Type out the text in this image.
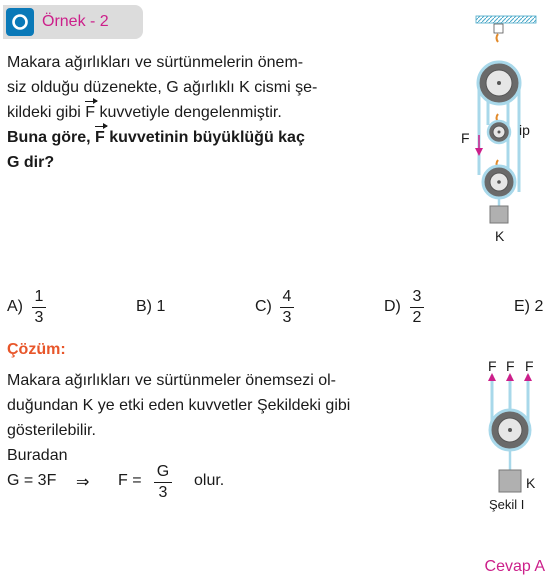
Örnek - 2
Makara ağırlıkları ve sürtünmelerin önem-
siz olduğu düzenekte, G ağırlıklı K cismi şe-
kildeki gibi F kuvvetiyle dengelenmiştir.
Buna göre, F kuvvetinin büyüklüğü kaç
G dir?
F	ip
K
A)
1
3
B) 1	C)
4
3
D)
3
2
E) 2
Çözüm:
Makara ağırlıkları ve sürtünmeler önemsezi ol-
duğundan K ye etki eden kuvvetler Şekildeki gibi
gösterilebilir.
Buradan
G = 3F ⇒ F =
G
3
olur.
F F F
K
Şekil I
Cevap A
